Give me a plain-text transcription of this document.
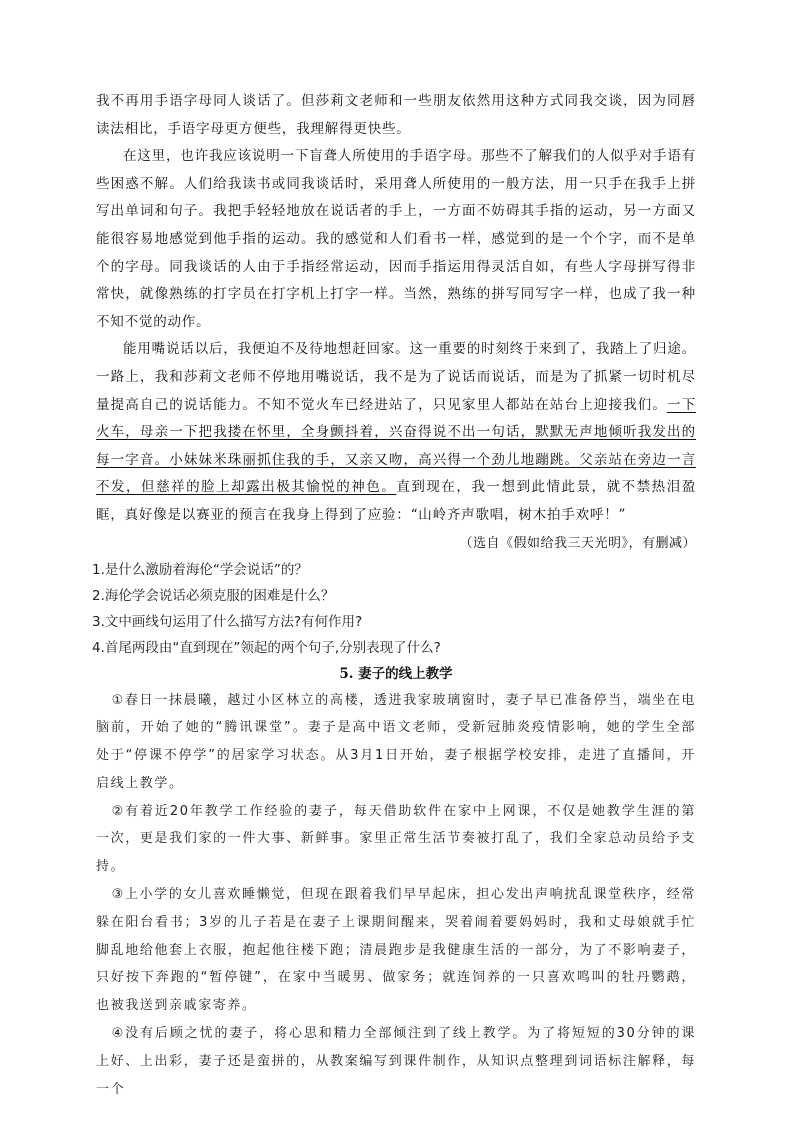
我不再用手语字母同人谈话了。但莎莉文老师和一些朋友依然用这种方式同我交谈，因为同唇读法相比，手语字母更方便些，我理解得更快些。

在这里，也许我应该说明一下盲聋人所使用的手语字母。那些不了解我们的人似乎对手语有些困惑不解。人们给我读书或同我谈话时，采用聋人所使用的一般方法，用一只手在我手上拼写出单词和句子。我把手轻轻地放在说话者的手上，一方面不妨碍其手指的运动，另一方面又能很容易地感觉到他手指的运动。我的感觉和人们看书一样，感觉到的是一个个字，而不是单个的字母。同我谈话的人由于手指经常运动，因而手指运用得灵活自如，有些人字母拼写得非常快，就像熟练的打字员在打字机上打字一样。当然，熟练的拼写同写字一样，也成了我一种不知不觉的动作。

能用嘴说话以后，我便迫不及待地想赶回家。这一重要的时刻终于来到了，我踏上了归途。一路上，我和莎莉文老师不停地用嘴说话，我不是为了说话而说话，而是为了抓紧一切时机尽量提高自己的说话能力。不知不觉火车已经进站了，只见家里人都站在站台上迎接我们。一下火车，母亲一下把我搂在怀里，全身颤抖着，兴奋得说不出一句话，默默无声地倾听我发出的每一字音。小妹妹米珠丽抓住我的手，又亲又吻，高兴得一个劲儿地蹦跳。父亲站在旁边一言不发，但慈祥的脸上却露出极其愉悦的神色。直到现在，我一想到此情此景，就不禁热泪盈眶，真好像是以赛亚的预言在我身上得到了应验：“山岭齐声歌唱，树木拍手欢呼！”

（选自《假如给我三天光明》，有删减）

1.是什么激励着海伦“学会说话”的？

2.海伦学会说话必须克服的困难是什么？

3.文中画线句运用了什么描写方法?有何作用?

4.首尾两段由“直到现在”领起的两个句子,分别表现了什么?

5. 妻子的线上教学

①春日一抹晨曦，越过小区林立的高楼，透进我家玻璃窗时，妻子早已准备停当，端坐在电脑前，开始了她的“腾讯课堂”。妻子是高中语文老师，受新冠肺炎疫情影响，她的学生全部处于“停课不停学”的居家学习状态。从3月1日开始，妻子根据学校安排，走进了直播间，开启线上教学。

②有着近20年教学工作经验的妻子，每天借助软件在家中上网课，不仅是她教学生涯的第一次，更是我们家的一件大事、新鲜事。家里正常生活节奏被打乱了，我们全家总动员给予支持。

③上小学的女儿喜欢睡懒觉，但现在跟着我们早早起床，担心发出声响扰乱课堂秩序，经常躲在阳台看书；3岁的儿子若是在妻子上课期间醒来，哭着闹着要妈妈时，我和丈母娘就手忙脚乱地给他套上衣服，抱起他往楼下跑；清晨跑步是我健康生活的一部分，为了不影响妻子，只好按下奔跑的“暂停键”，在家中当暖男、做家务；就连饲养的一只喜欢鸣叫的牡丹鹦鹉，也被我送到亲戚家寄养。

④没有后顾之忧的妻子，将心思和精力全部倾注到了线上教学。为了将短短的30分钟的课上好、上出彩，妻子还是蛮拼的，从教案编写到课件制作，从知识点整理到词语标注解释，每一个
